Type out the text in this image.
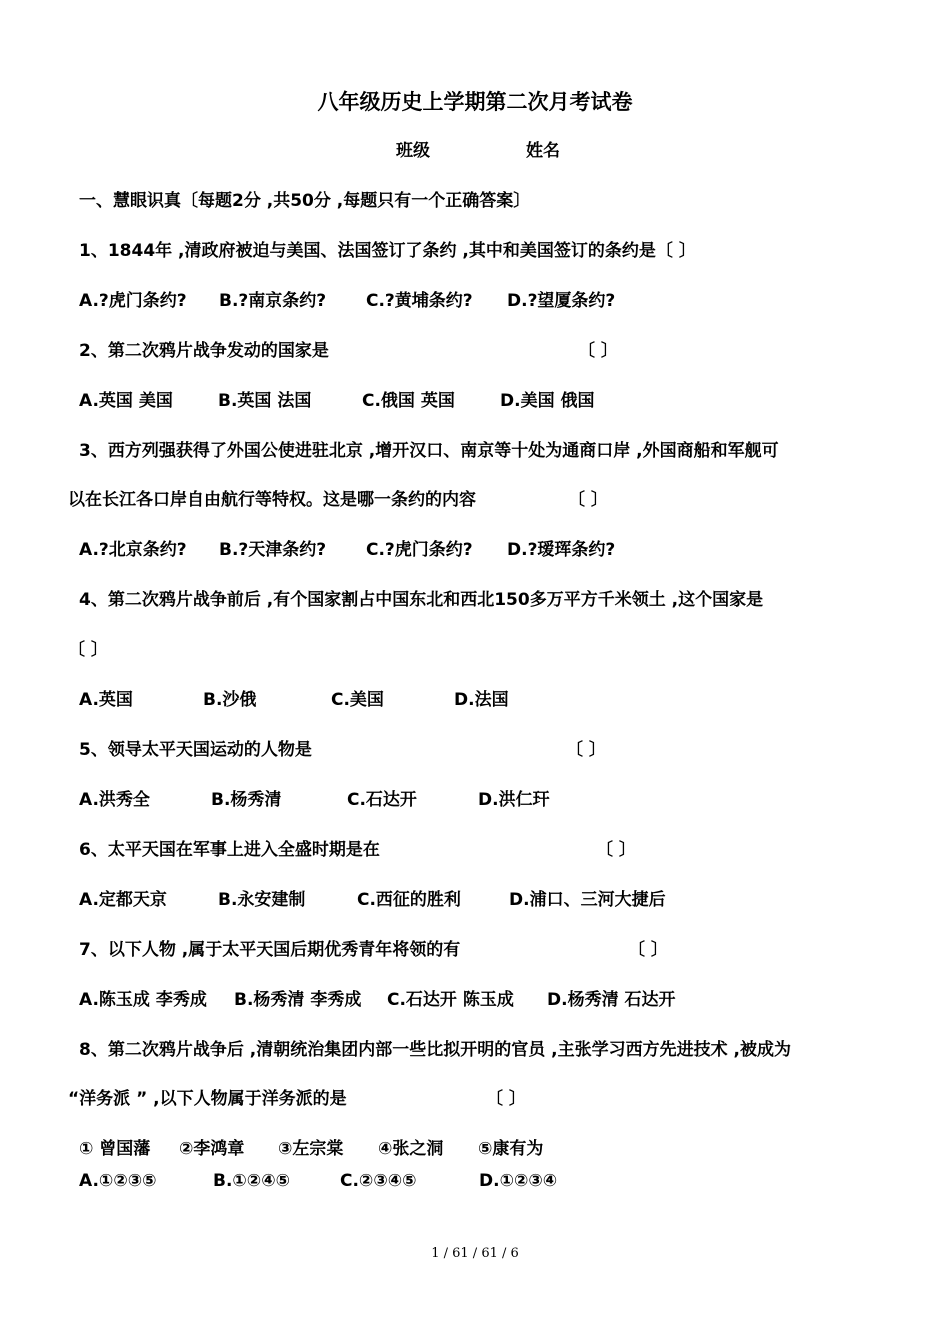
八年级历史上学期第二次月考试卷
班级	姓名
一、慧眼识真〔每题2分 ,共50分 ,每题只有一个正确答案〕
1、1844年 ,清政府被迫与美国、法国签订了条约 ,其中和美国签订的条约是〔 〕
A.?虎门条约? B.?南京条约? C.?黄埔条约? D.?望厦条约?
2、第二次鸦片战争发动的国家是	〔 〕
A.英国 美国	B.英国 法国	C.俄国 英国	D.美国 俄国
3、西方列强获得了外国公使进驻北京 ,增开汉口、南京等十处为通商口岸 ,外国商船和军舰可
以在长江各口岸自由航行等特权。这是哪一条约的内容	〔 〕
A.?北京条约? B.?天津条约? C.?虎门条约? D.?瑷珲条约?
4、第二次鸦片战争前后 ,有个国家割占中国东北和西北150多万平方千米领土 ,这个国家是
〔 〕
A.英国	B.沙俄	C.美国	D.法国
5、领导太平天国运动的人物是	〔 〕
A.洪秀全	B.杨秀清	C.石达开	D.洪仁玕
6、太平天国在军事上进入全盛时期是在	〔 〕
A.定都天京	B.永安建制	C.西征的胜利	D.浦口、三河大捷后
7、以下人物 ,属于太平天国后期优秀青年将领的有	〔 〕
A.陈玉成 李秀成 B.杨秀清 李秀成 C.石达开 陈玉成 D.杨秀清 石达开
8、第二次鸦片战争后 ,清朝统治集团内部一些比拟开明的官员 ,主张学习西方先进技术 ,被成为
“洋务派 ” ,以下人物属于洋务派的是	〔 〕
① 曾国藩 ②李鸿章 ③左宗棠 ④张之洞 ⑤康有为
A.①②③⑤	B.①②④⑤	C.②③④⑤	D.①②③④
1 / 61 / 61 / 6
